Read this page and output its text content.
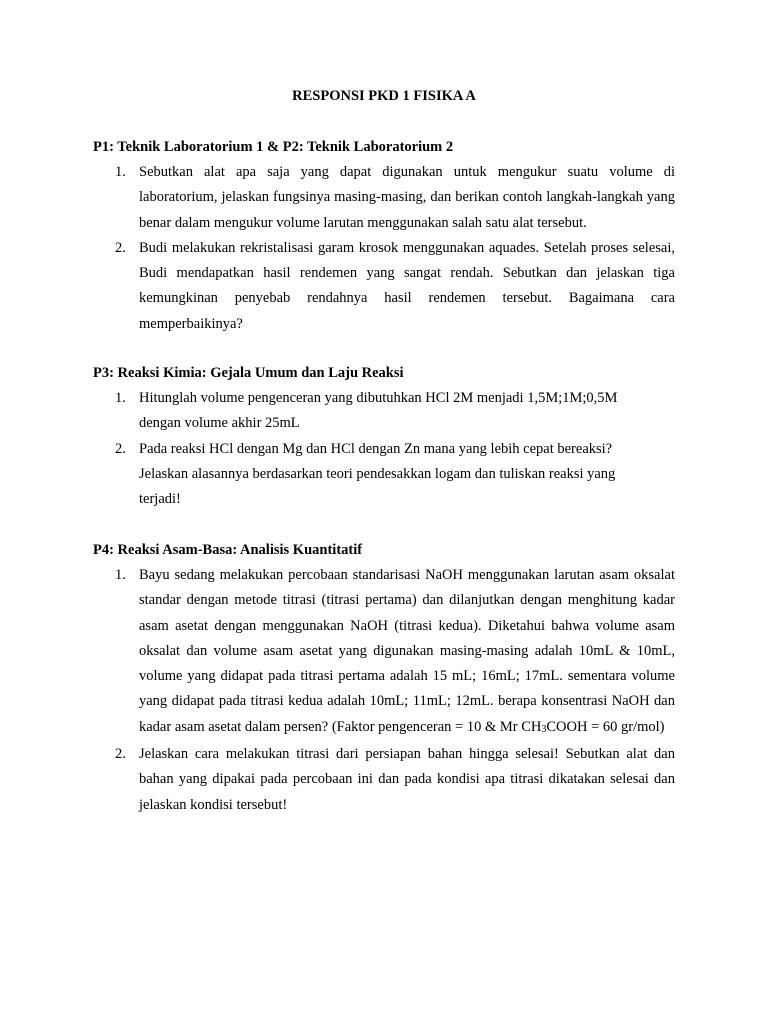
RESPONSI PKD 1 FISIKA A
P1: Teknik Laboratorium 1 & P2: Teknik Laboratorium 2
1. Sebutkan alat apa saja yang dapat digunakan untuk mengukur suatu volume di laboratorium, jelaskan fungsinya masing-masing, dan berikan contoh langkah-langkah yang benar dalam mengukur volume larutan menggunakan salah satu alat tersebut.
2. Budi melakukan rekristalisasi garam krosok menggunakan aquades. Setelah proses selesai, Budi mendapatkan hasil rendemen yang sangat rendah. Sebutkan dan jelaskan tiga kemungkinan penyebab rendahnya hasil rendemen tersebut. Bagaimana cara memperbaikinya?
P3: Reaksi Kimia: Gejala Umum dan Laju Reaksi
1. Hitunglah volume pengenceran yang dibutuhkan HCl 2M menjadi 1,5M;1M;0,5M dengan volume akhir 25mL
2. Pada reaksi HCl dengan Mg dan HCl dengan Zn mana yang lebih cepat bereaksi? Jelaskan alasannya berdasarkan teori pendesakkan logam dan tuliskan reaksi yang terjadi!
P4: Reaksi Asam-Basa: Analisis Kuantitatif
1. Bayu sedang melakukan percobaan standarisasi NaOH menggunakan larutan asam oksalat standar dengan metode titrasi (titrasi pertama) dan dilanjutkan dengan menghitung kadar asam asetat dengan menggunakan NaOH (titrasi kedua). Diketahui bahwa volume asam oksalat dan volume asam asetat yang digunakan masing-masing adalah 10mL & 10mL, volume yang didapat pada titrasi pertama adalah 15 mL; 16mL; 17mL. sementara volume yang didapat pada titrasi kedua adalah 10mL; 11mL; 12mL. berapa konsentrasi NaOH dan kadar asam asetat dalam persen? (Faktor pengenceran = 10 & Mr CH3COOH = 60 gr/mol)
2. Jelaskan cara melakukan titrasi dari persiapan bahan hingga selesai! Sebutkan alat dan bahan yang dipakai pada percobaan ini dan pada kondisi apa titrasi dikatakan selesai dan jelaskan kondisi tersebut!
